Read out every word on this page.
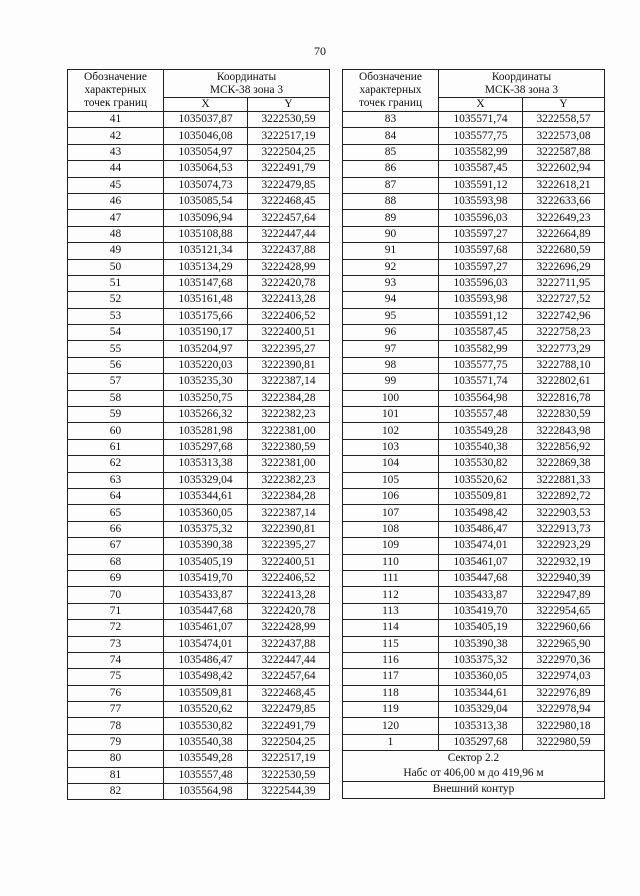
70
Обозначение
характерных
точек границ	Координаты
МСК-38 зона 3	
	X	Y
41	1035037,87	3222530,59
42	1035046,08	3222517,19
43	1035054,97	3222504,25
44	1035064,53	3222491,79
45	1035074,73	3222479,85
46	1035085,54	3222468,45
47	1035096,94	3222457,64
48	1035108,88	3222447,44
49	1035121,34	3222437,88
50	1035134,29	3222428,99
51	1035147,68	3222420,78
52	1035161,48	3222413,28
53	1035175,66	3222406,52
54	1035190,17	3222400,51
55	1035204,97	3222395,27
56	1035220,03	3222390,81
57	1035235,30	3222387,14
58	1035250,75	3222384,28
59	1035266,32	3222382,23
60	1035281,98	3222381,00
61	1035297,68	3222380,59
62	1035313,38	3222381,00
63	1035329,04	3222382,23
64	1035344,61	3222384,28
65	1035360,05	3222387,14
66	1035375,32	3222390,81
67	1035390,38	3222395,27
68	1035405,19	3222400,51
69	1035419,70	3222406,52
70	1035433,87	3222413,28
71	1035447,68	3222420,78
72	1035461,07	3222428,99
73	1035474,01	3222437,88
74	1035486,47	3222447,44
75	1035498,42	3222457,64
76	1035509,81	3222468,45
77	1035520,62	3222479,85
78	1035530,82	3222491,79
79	1035540,38	3222504,25
80	1035549,28	3222517,19
81	1035557,48	3222530,59
82	1035564,98	3222544,39
Обозначение
характерных
точек границ	Координаты
МСК-38 зона 3	
	X	Y
83	1035571,74	3222558,57
84	1035577,75	3222573,08
85	1035582,99	3222587,88
86	1035587,45	3222602,94
87	1035591,12	3222618,21
88	1035593,98	3222633,66
89	1035596,03	3222649,23
90	1035597,27	3222664,89
91	1035597,68	3222680,59
92	1035597,27	3222696,29
93	1035596,03	3222711,95
94	1035593,98	3222727,52
95	1035591,12	3222742,96
96	1035587,45	3222758,23
97	1035582,99	3222773,29
98	1035577,75	3222788,10
99	1035571,74	3222802,61
100	1035564,98	3222816,78
101	1035557,48	3222830,59
102	1035549,28	3222843,98
103	1035540,38	3222856,92
104	1035530,82	3222869,38
105	1035520,62	3222881,33
106	1035509,81	3222892,72
107	1035498,42	3222903,53
108	1035486,47	3222913,73
109	1035474,01	3222923,29
110	1035461,07	3222932,19
111	1035447,68	3222940,39
112	1035433,87	3222947,89
113	1035419,70	3222954,65
114	1035405,19	3222960,66
115	1035390,38	3222965,90
116	1035375,32	3222970,36
117	1035360,05	3222974,03
118	1035344,61	3222976,89
119	1035329,04	3222978,94
120	1035313,38	3222980,18
1	1035297,68	3222980,59
Сектор 2.2
Набс от 406,00 м до 419,96 м		
Внешний контур		
